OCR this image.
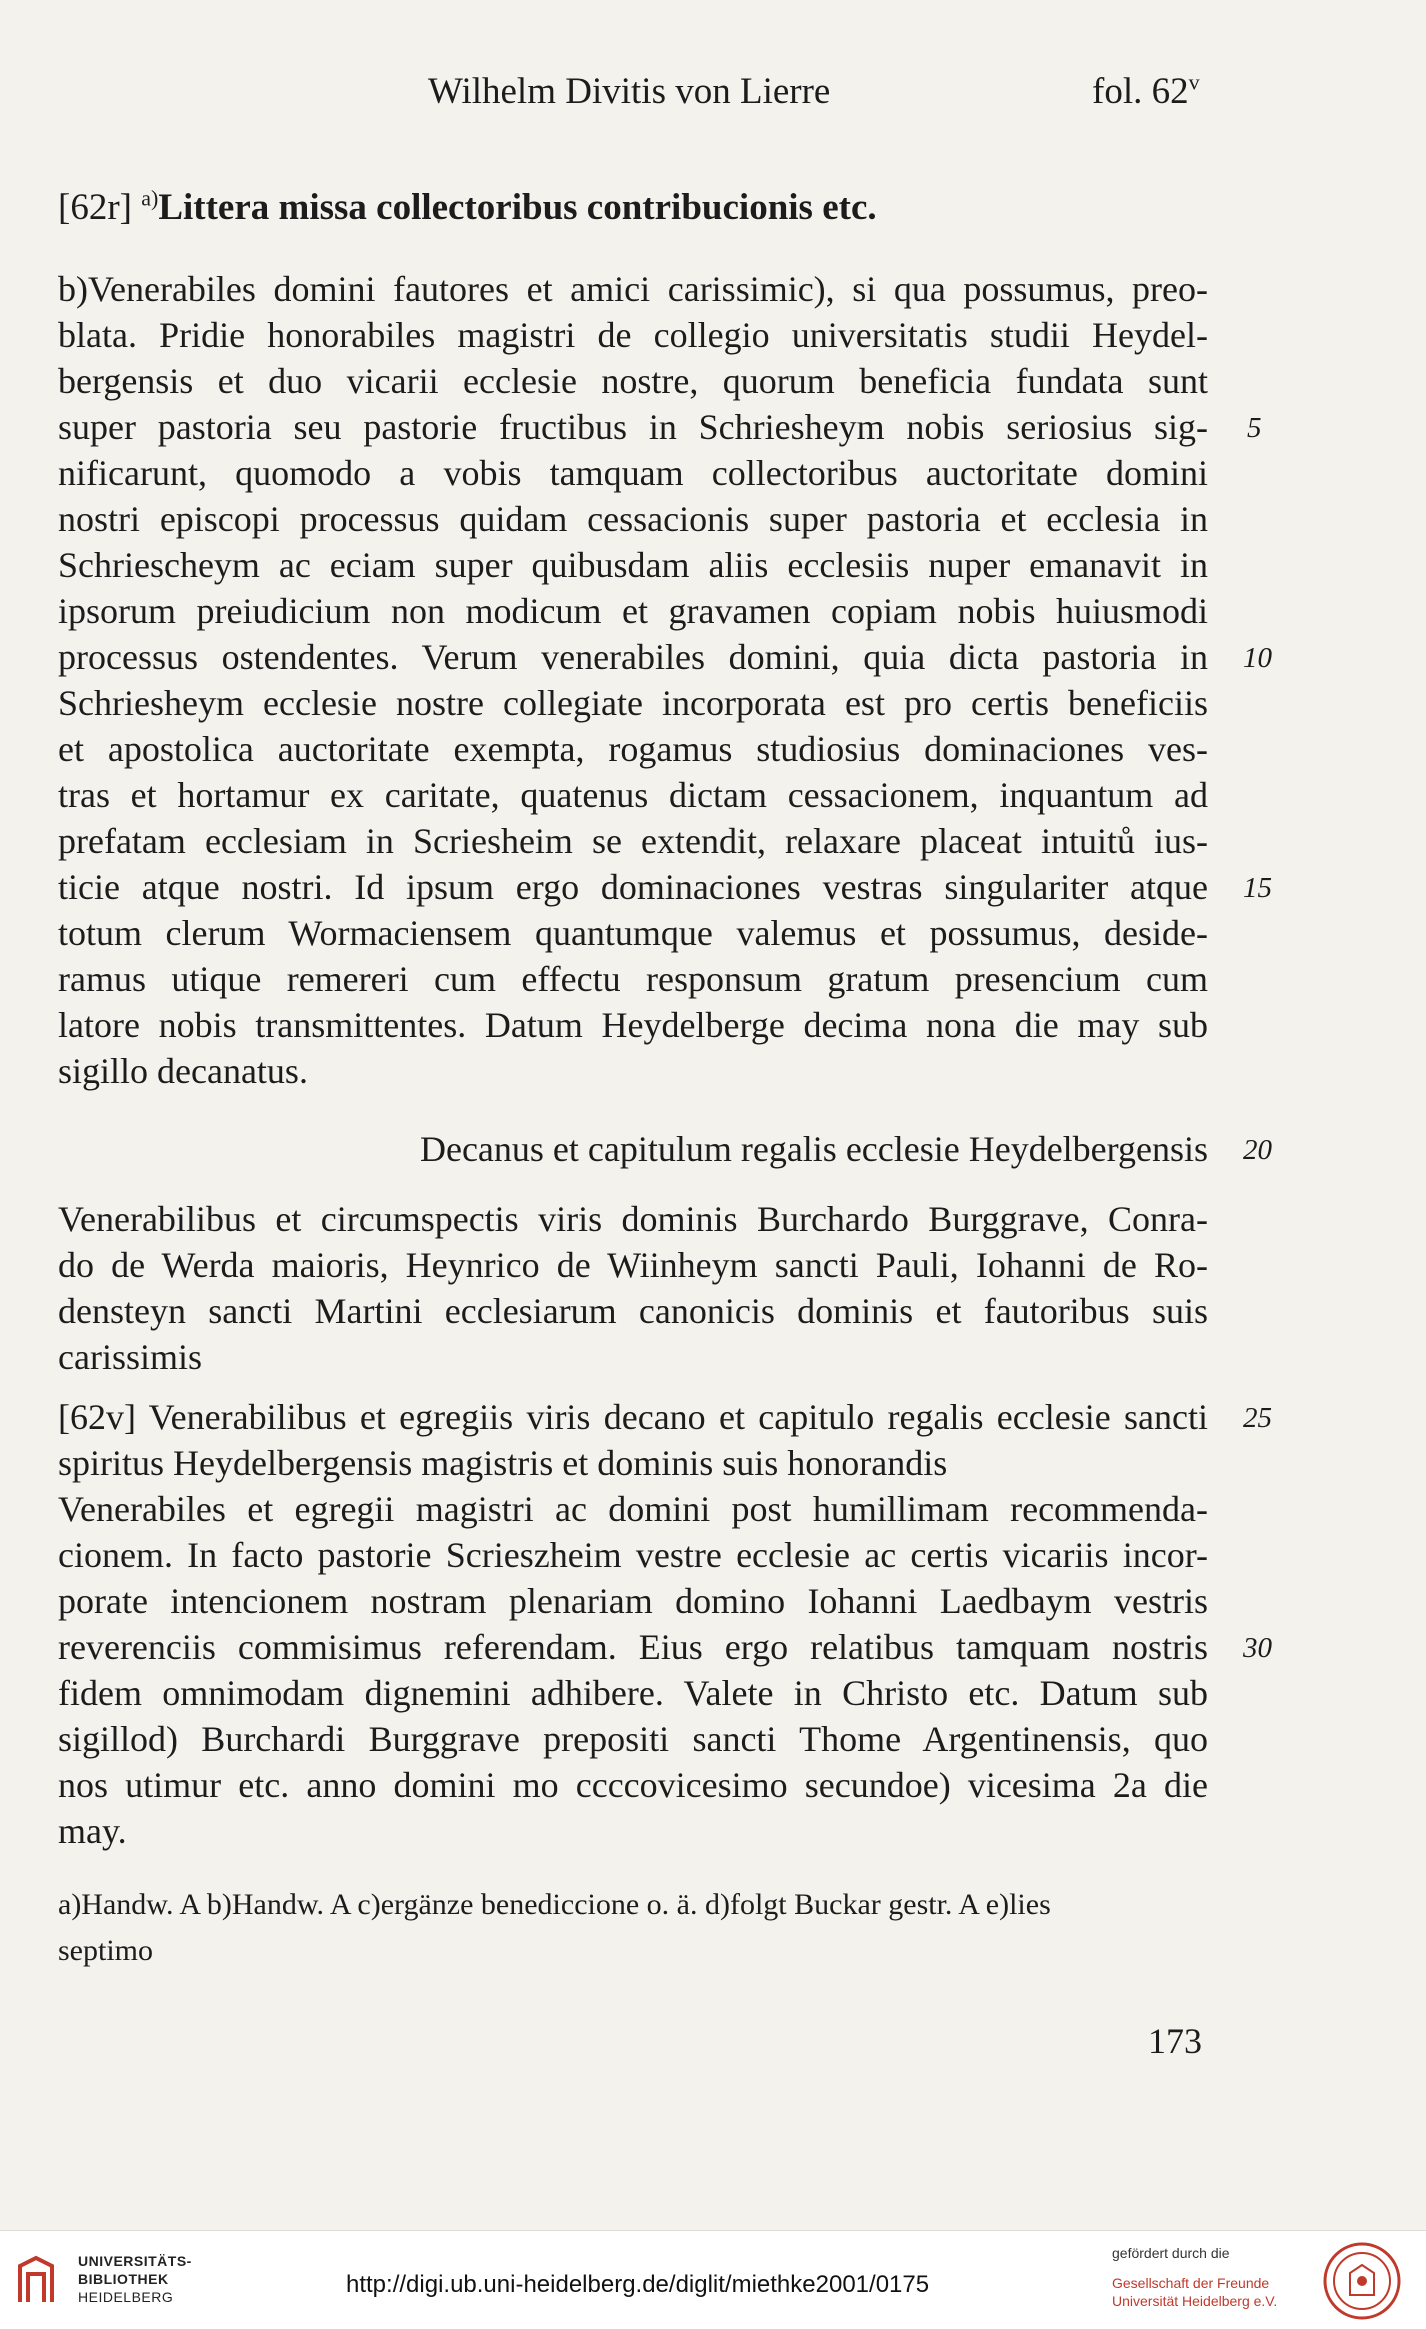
Wilhelm Divitis von Lierre	fol. 62$^v$
[62r] $^{a)}$Littera missa collectoribus contribucionis etc.
b)Venerabiles domini fautores et amici carissimic), si qua possumus, preo-
blata. Pridie honorabiles magistri de collegio universitatis studii Heydel-
bergensis et duo vicarii ecclesie nostre, quorum beneficia fundata sunt
super pastoria seu pastorie fructibus in Schriesheym nobis seriosius sig-
nificarunt, quomodo a vobis tamquam collectoribus auctoritate domini
nostri episcopi processus quidam cessacionis super pastoria et ecclesia in
Schriescheym ac eciam super quibusdam aliis ecclesiis nuper emanavit in
ipsorum preiudicium non modicum et gravamen copiam nobis huiusmodi
processus ostendentes. Verum venerabiles domini, quia dicta pastoria in
Schriesheym ecclesie nostre collegiate incorporata est pro certis beneficiis
et apostolica auctoritate exempta, rogamus studiosius dominaciones ves-
tras et hortamur ex caritate, quatenus dictam cessacionem, inquantum ad
prefatam ecclesiam in Scriesheim se extendit, relaxare placeat intuitů ius-
ticie atque nostri. Id ipsum ergo dominaciones vestras singulariter atque
totum clerum Wormaciensem quantumque valemus et possumus, deside-
ramus utique remereri cum effectu responsum gratum presencium cum
latore nobis transmittentes. Datum Heydelberge decima nona die may sub
sigillo decanatus.
Decanus et capitulum regalis ecclesie Heydelbergensis
Venerabilibus et circumspectis viris dominis Burchardo Burggrave, Conra-
do de Werda maioris, Heynrico de Wiinheym sancti Pauli, Iohanni de Ro-
densteyn sancti Martini ecclesiarum canonicis dominis et fautoribus suis
carissimis
[62v] Venerabilibus et egregiis viris decano et capitulo regalis ecclesie sancti
spiritus Heydelbergensis magistris et dominis suis honorandis
Venerabiles et egregii magistri ac domini post humillimam recommenda-
cionem. In facto pastorie Scrieszheim vestre ecclesie ac certis vicariis incor-
porate intencionem nostram plenariam domino Iohanni Laedbaym vestris
reverenciis commisimus referendam. Eius ergo relatibus tamquam nostris
fidem omnimodam dignemini adhibere. Valete in Christo etc. Datum sub
sigillod) Burchardi Burggrave prepositi sancti Thome Argentinensis, quo
nos utimur etc. anno domini mo ccccovicesimo secundoe) vicesima 2a die
may.
5
10
15
20
25
30
a)Handw. A b)Handw. A c)ergänze benediccione o. ä. d)folgt Buckar gestr. A e)lies
septimo
173
UNIVERSITÄTS-
BIBLIOTHEK
HEIDELBERG	http://digi.ub.uni-heidelberg.de/diglit/miethke2001/0175
gefördert durch die
Gesellschaft der Freunde
Universität Heidelberg e.V.
